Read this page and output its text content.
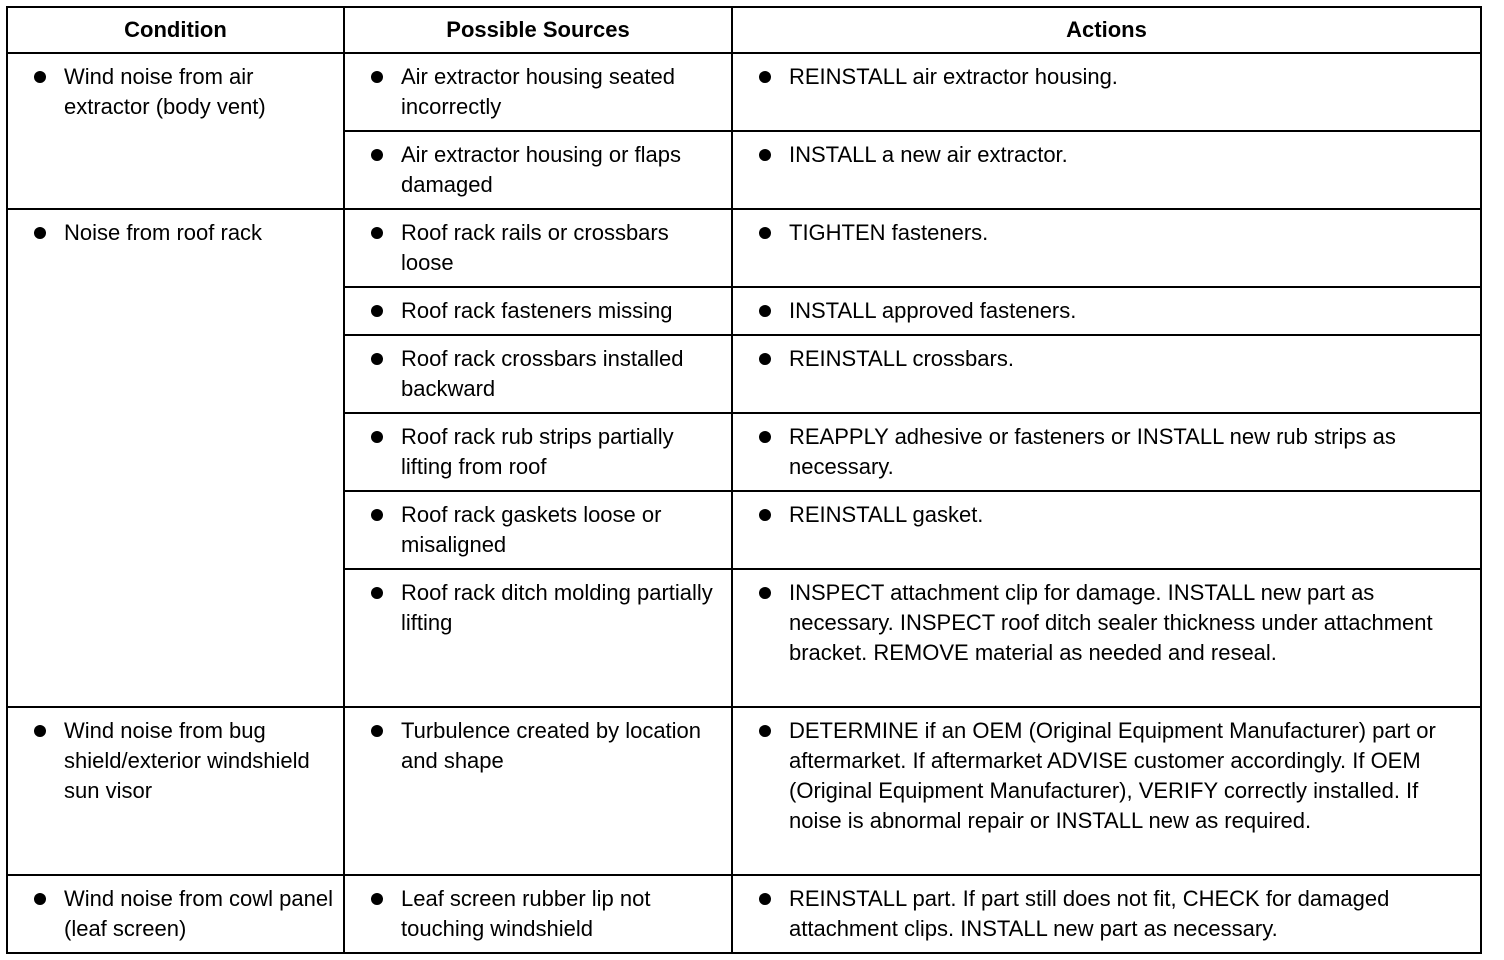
Condition	Possible Sources	Actions

Wind noise from air extractor (body vent)	Air extractor housing seated incorrectly	REINSTALL air extractor housing.

	Air extractor housing or flaps damaged	INSTALL a new air extractor.

Noise from roof rack	Roof rack rails or crossbars loose	TIGHTEN fasteners.

	Roof rack fasteners missing	INSTALL approved fasteners.

	Roof rack crossbars installed backward	REINSTALL crossbars.

	Roof rack rub strips partially lifting from roof	REAPPLY adhesive or fasteners or INSTALL new rub strips as necessary.

	Roof rack gaskets loose or misaligned	REINSTALL gasket.

	Roof rack ditch molding partially lifting	INSPECT attachment clip for damage. INSTALL new part as necessary. INSPECT roof ditch sealer thickness under attachment bracket. REMOVE material as needed and reseal.

Wind noise from bug shield/exterior windshield sun visor	Turbulence created by location and shape	DETERMINE if an OEM (Original Equipment Manufacturer) part or aftermarket. If aftermarket ADVISE customer accordingly. If OEM (Original Equipment Manufacturer), VERIFY correctly installed. If noise is abnormal repair or INSTALL new as required.

Wind noise from cowl panel (leaf screen)	Leaf screen rubber lip not touching windshield	REINSTALL part. If part still does not fit, CHECK for damaged attachment clips. INSTALL new part as necessary.
